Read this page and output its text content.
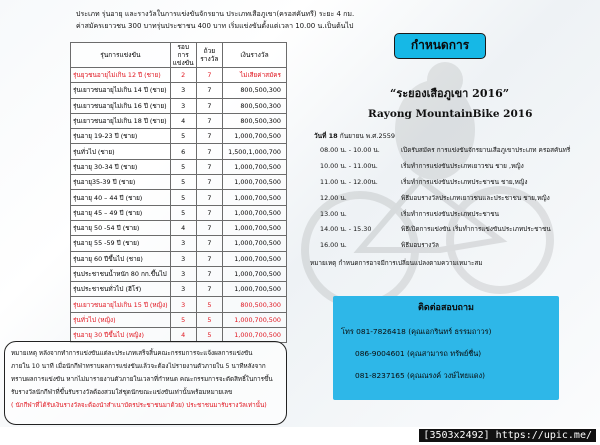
ประเภท รุ่นอายุ และรางวัลในการแข่งขันจักรยาน ประเภทเสือภูเขา(ครอสคันทรี) ระยะ 4 กม.
ค่าสมัครเยาวชน 300 บาทรุ่นประชาชน 400 บาท เริ่มแข่งขันตั้งแต่เวลา 10.00 น.เป็นต้นไป
รุ่นการแข่งขัน	รอบการแข่งขัน	ถ้วยรางวัล	เงินรางวัล
รุ่นยุวชนอายุไม่เกิน 12 ปี (ชาย)	2	7	ไม่เสียค่าสมัคร
รุ่นเยาวชนอายุไม่เกิน 14 ปี (ชาย)	3	7	800,500,300
รุ่นเยาวชนอายุไม่เกิน 16 ปี (ชาย)	3	7	800,500,300
รุ่นเยาวชนอายุไม่เกิน 18 ปี (ชาย)	4	7	800,500,300
รุ่นอายุ 19-23 ปี (ชาย)	5	7	1,000,700,500
รุ่นทั่วไป (ชาย)	6	7	1,500,1,000,700
รุ่นอายุ 30-34 ปี (ชาย)	5	7	1,000,700,500
รุ่นอายุ35-39 ปี (ชาย)	5	7	1,000,700,500
รุ่นอายุ 40 – 44 ปี (ชาย)	5	7	1,000,700,500
รุ่นอายุ 45 – 49 ปี (ชาย)	5	7	1,000,700,500
รุ่นอายุ 50 -54 ปี (ชาย)	4	7	1,000,700,500
รุ่นอายุ 55 -59 ปี (ชาย)	3	7	1,000,700,500
รุ่นอายุ 60 ปีขึ้นไป (ชาย)	3	7	1,000,700,500
รุ่นประชาชนน้ำหนัก 80 กก.ขึ้นไป	3	7	1,000,700,500
รุ่นประชาชนทั่วไป (ฮีโร่)	3	7	1,000,700,500
รุ่นเยาวชนอายุไม่เกิน 15 ปี (หญิง)	3	5	800,500,300
รุ่นทั่วไป (หญิง)	5	5	1,000,700,500
รุ่นอายุ 30 ปีขึ้นไป (หญิง)	4	5	1,000,700,500
หมายเหตุ หลังจากทำการแข่งขันแต่ละประเภทเสร็จสิ้นคณะกรรมการจะแจ้งผลการแข่งขัน
ภายใน 10 นาที เมื่อนักกีฬาทราบผลการแข่งขันแล้วจะต้องไปรายงานตัวภายใน 5 นาทีหลังจาก
ทราบผลการแข่งขัน หากไม่มารายงานตัวภายในเวลาที่กำหนด คณะกรรมการจะตัดสิทธิ์ในการขึ้น
รับรางวัลนักกีฬาที่ขึ้นรับรางวัลต้องสวมใส่ชุดนักขณะแข่งขันเท่านั้นพร้อมหมายเลข
( นักกีฬาที่ได้รับเงินรางวัลจะต้องนำสำเนาบัตรประชาชนมาด้วย) ประชาชนมารับรางวัลเท่านั้น)
กำหนดการ
“ระยองเสือภูเขา 2016”
Rayong MountainBike 2016
วันที่ 18 กันยายน พ.ศ.2559
08.00 น. - 10.00 น.	เปิดรับสมัคร การแข่งขันจักรยานเสือภูเขาประเภท ครอสคันทรี่
10.00 น. - 11.00น.	เริ่มทำการแข่งขันประเภทเยาวชน ชาย ,หญิง
11.00 น. - 12.00น.	เริ่มทำการแข่งขันประเภทประชาชน ชาย,หญิง
12.00 น.	พิธีมอบรางวัลประเภทเยาวชนและประชาชน ชาย,หญิง
13.00 น.	เริ่มทำการแข่งขันประเภทประชาชน
14.00 น. - 15.30	พิธีเปิดการแข่งขัน เริ่มทำการแข่งขันประเภทประชาชน
16.00 น.	พิธีมอบรางวัล
หมายเหตุ กำหนดการอาจมีการเปลี่ยนแปลงตามความเหมาะสม
ติดต่อสอบถาม
โทร 081-7826418 (คุณเอกรินทร์ ธรรมถาวร)
086-9004601 (คุณสามารถ ทรัพย์ชื่น)
081-8237165 (คุณณรงค์ วงษ์ไทยแดง)
[3503x2492] https://upic.me/
